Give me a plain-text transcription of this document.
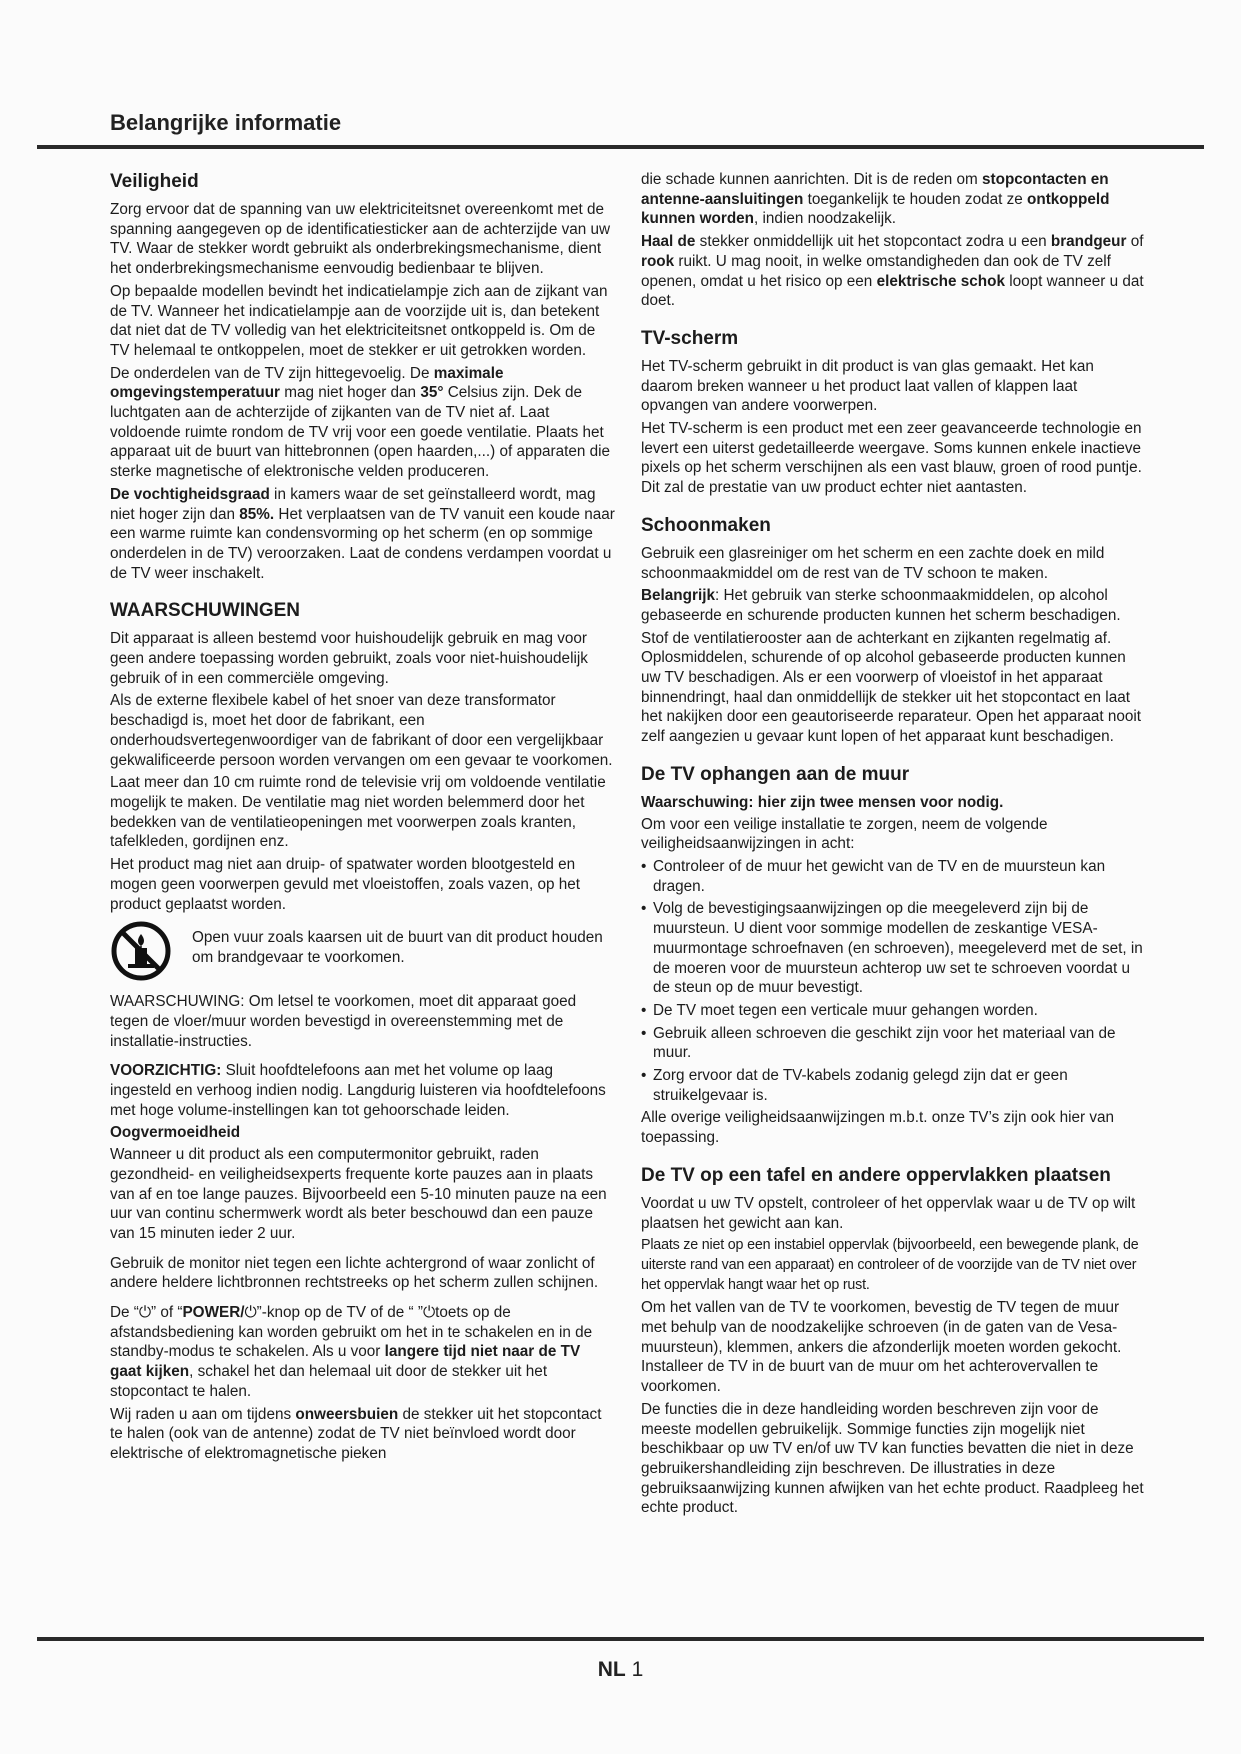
Belangrijke informatie
Veiligheid

Zorg ervoor dat de spanning van uw elektriciteitsnet overeenkomt met de spanning aangegeven op de identificatiesticker aan de achterzijde van uw TV. Waar de stekker wordt gebruikt als onderbrekingsmechanisme, dient het onderbrekingsmechanisme eenvoudig bedienbaar te blijven.

Op bepaalde modellen bevindt het indicatielampje zich aan de zijkant van de TV. Wanneer het indicatielampje aan de voorzijde uit is, dan betekent dat niet dat de TV volledig van het elektriciteitsnet ontkoppeld is. Om de TV helemaal te ontkoppelen, moet de stekker er uit getrokken worden.

De onderdelen van de TV zijn hittegevoelig. De maximale omgevingstemperatuur mag niet hoger dan 35° Celsius zijn. Dek de luchtgaten aan de achterzijde of zijkanten van de TV niet af. Laat voldoende ruimte rondom de TV vrij voor een goede ventilatie. Plaats het apparaat uit de buurt van hittebronnen (open haarden,...) of apparaten die sterke magnetische of elektronische velden produceren.

De vochtigheidsgraad in kamers waar de set geïnstalleerd wordt, mag niet hoger zijn dan 85%. Het verplaatsen van de TV vanuit een koude naar een warme ruimte kan condensvorming op het scherm (en op sommige onderdelen in de TV) veroorzaken. Laat de condens verdampen voordat u de TV weer inschakelt.

WAARSCHUWINGEN

Dit apparaat is alleen bestemd voor huishoudelijk gebruik en mag voor geen andere toepassing worden gebruikt, zoals voor niet-huishoudelijk gebruik of in een commerciële omgeving.

Als de externe flexibele kabel of het snoer van deze transformator beschadigd is, moet het door de fabrikant, een onderhoudsvertegenwoordiger van de fabrikant of door een vergelijkbaar gekwalificeerde persoon worden vervangen om een gevaar te voorkomen.

Laat meer dan 10 cm ruimte rond de televisie vrij om voldoende ventilatie mogelijk te maken. De ventilatie mag niet worden belemmerd door het bedekken van de ventilatieopeningen met voorwerpen zoals kranten, tafelkleden, gordijnen enz.

Het product mag niet aan druip- of spatwater worden blootgesteld en mogen geen voorwerpen gevuld met vloeistoffen, zoals vazen, op het product geplaatst worden.

Open vuur zoals kaarsen uit de buurt van dit product houden om brandgevaar te voorkomen.

WAARSCHUWING: Om letsel te voorkomen, moet dit apparaat goed tegen de vloer/muur worden bevestigd in overeenstemming met de installatie-instructies.

VOORZICHTIG: Sluit hoofdtelefoons aan met het volume op laag ingesteld en verhoog indien nodig. Langdurig luisteren via hoofdtelefoons met hoge volume-instellingen kan tot gehoorschade leiden.

Oogvermoeidheid

Wanneer u dit product als een computermonitor gebruikt, raden gezondheid- en veiligheidsexperts frequente korte pauzes aan in plaats van af en toe lange pauzes. Bijvoorbeeld een 5-10 minuten pauze na een uur van continu schermwerk wordt als beter beschouwd dan een pauze van 15 minuten ieder 2 uur.

Gebruik de monitor niet tegen een lichte achtergrond of waar zonlicht of andere heldere lichtbronnen rechtstreeks op het scherm zullen schijnen.

De “⏻” of “POWER/⏻”-knop op de TV of de “ ”⏻toets op de afstandsbediening kan worden gebruikt om het in te schakelen en in de standby-modus te schakelen. Als u voor langere tijd niet naar de TV gaat kijken, schakel het dan helemaal uit door de stekker uit het stopcontact te halen.

Wij raden u aan om tijdens onweersbuien de stekker uit het stopcontact te halen (ook van de antenne) zodat de TV niet beïnvloed wordt door elektrische of elektromagnetische pieken

die schade kunnen aanrichten. Dit is de reden om stopcontacten en antenne-aansluitingen toegankelijk te houden zodat ze ontkoppeld kunnen worden, indien noodzakelijk.

Haal de stekker onmiddellijk uit het stopcontact zodra u een brandgeur of rook ruikt. U mag nooit, in welke omstandigheden dan ook de TV zelf openen, omdat u het risico op een elektrische schok loopt wanneer u dat doet.

TV-scherm

Het TV-scherm gebruikt in dit product is van glas gemaakt. Het kan daarom breken wanneer u het product laat vallen of klappen laat opvangen van andere voorwerpen.

Het TV-scherm is een product met een zeer geavanceerde technologie en levert een uiterst gedetailleerde weergave. Soms kunnen enkele inactieve pixels op het scherm verschijnen als een vast blauw, groen of rood puntje. Dit zal de prestatie van uw product echter niet aantasten.

Schoonmaken

Gebruik een glasreiniger om het scherm en een zachte doek en mild schoonmaakmiddel om de rest van de TV schoon te maken.

Belangrijk: Het gebruik van sterke schoonmaakmiddelen, op alcohol gebaseerde en schurende producten kunnen het scherm beschadigen.

Stof de ventilatierooster aan de achterkant en zijkanten regelmatig af. Oplosmiddelen, schurende of op alcohol gebaseerde producten kunnen uw TV beschadigen. Als er een voorwerp of vloeistof in het apparaat binnendringt, haal dan onmiddellijk de stekker uit het stopcontact en laat het nakijken door een geautoriseerde reparateur. Open het apparaat nooit zelf aangezien u gevaar kunt lopen of het apparaat kunt beschadigen.

De TV ophangen aan de muur
Waarschuwing: hier zijn twee mensen voor nodig.

Om voor een veilige installatie te zorgen, neem de volgende veiligheidsaanwijzingen in acht:

• Controleer of de muur het gewicht van de TV en de muursteun kan dragen.
• Volg de bevestigingsaanwijzingen op die meegeleverd zijn bij de muursteun. U dient voor sommige modellen de zeskantige VESA-muurmontage schroefnaven (en schroeven), meegeleverd met de set, in de moeren voor de muursteun achterop uw set te schroeven voordat u de steun op de muur bevestigt.
• De TV moet tegen een verticale muur gehangen worden.
• Gebruik alleen schroeven die geschikt zijn voor het materiaal van de muur.
• Zorg ervoor dat de TV-kabels zodanig gelegd zijn dat er geen struikelgevaar is.

Alle overige veiligheidsaanwijzingen m.b.t. onze TV’s zijn ook hier van toepassing.

De TV op een tafel en andere oppervlakken plaatsen

Voordat u uw TV opstelt, controleer of het oppervlak waar u de TV op wilt plaatsen het gewicht aan kan.

Plaats ze niet op een instabiel oppervlak (bijvoorbeeld, een bewegende plank, de uiterste rand van een apparaat) en controleer of de voorzijde van de TV niet over het oppervlak hangt waar het op rust.

Om het vallen van de TV te voorkomen, bevestig de TV tegen de muur met behulp van de noodzakelijke schroeven (in de gaten van de Vesa-muursteun), klemmen, ankers die afzonderlijk moeten worden gekocht. Installeer de TV in de buurt van de muur om het achterovervallen te voorkomen.

De functies die in deze handleiding worden beschreven zijn voor de meeste modellen gebruikelijk. Sommige functies zijn mogelijk niet beschikbaar op uw TV en/of uw TV kan functies bevatten die niet in deze gebruikershandleiding zijn beschreven. De illustraties in deze gebruiksaanwijzing kunnen afwijken van het echte product. Raadpleeg het echte product.

NL 1
